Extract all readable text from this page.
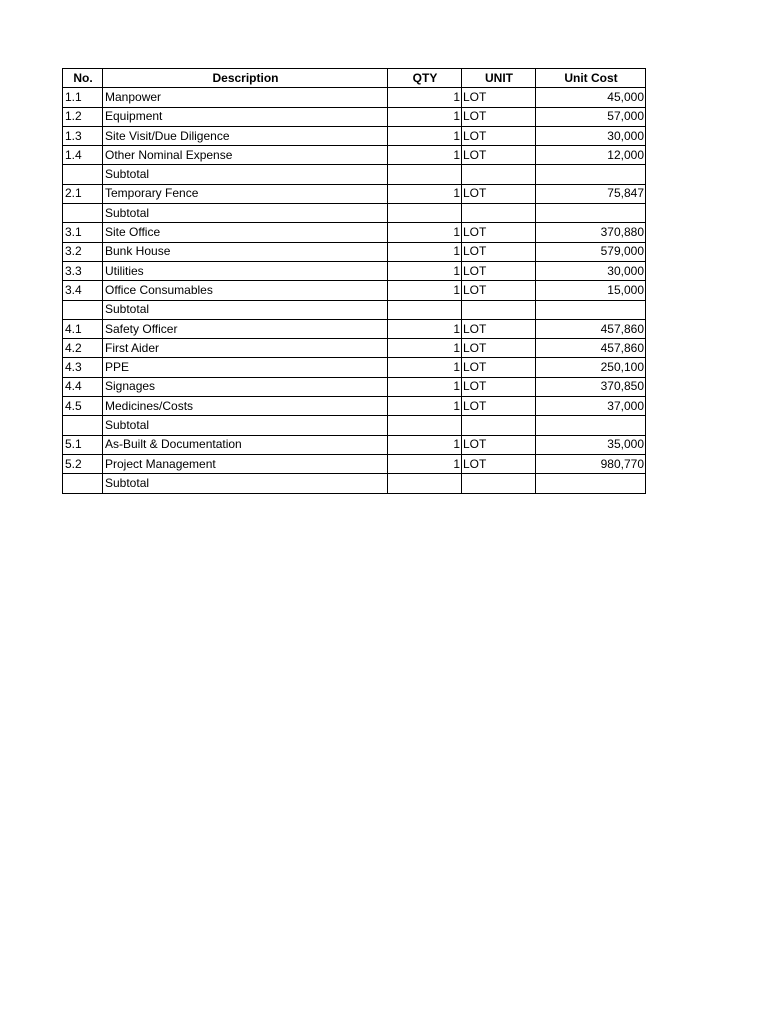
No.	Description	QTY	UNIT	Unit Cost
1.1	Manpower	1	LOT	45,000
1.2	Equipment	1	LOT	57,000
1.3	Site Visit/Due Diligence	1	LOT	30,000
1.4	Other Nominal Expense	1	LOT	12,000
	Subtotal			
2.1	Temporary Fence	1	LOT	75,847
	Subtotal			
3.1	Site Office	1	LOT	370,880
3.2	Bunk House	1	LOT	579,000
3.3	Utilities	1	LOT	30,000
3.4	Office Consumables	1	LOT	15,000
	Subtotal			
4.1	Safety Officer	1	LOT	457,860
4.2	First Aider	1	LOT	457,860
4.3	PPE	1	LOT	250,100
4.4	Signages	1	LOT	370,850
4.5	Medicines/Costs	1	LOT	37,000
	Subtotal			
5.1	As-Built & Documentation	1	LOT	35,000
5.2	Project Management	1	LOT	980,770
	Subtotal			
